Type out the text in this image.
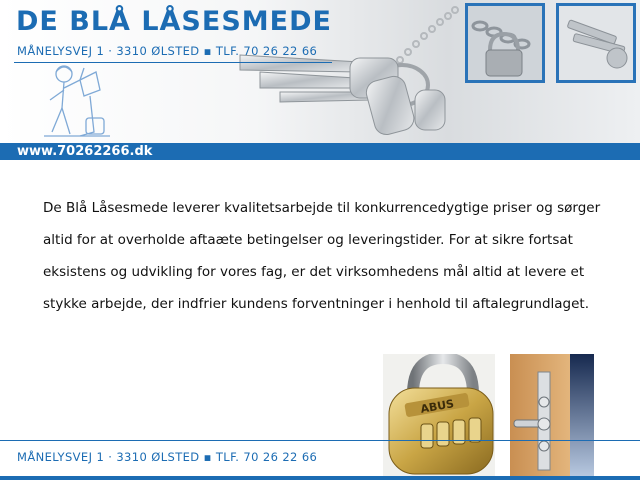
DE BLÅ LÅSESMEDE
MÅNELYSVEJ 1 · 3310 ØLSTED ▪ TLF. 70 26 22 66
www.70262266.dk
De Blå Låsesmede leverer kvalitetsarbejde til konkurrencedygtige priser og sørger altid for at overholde aftaæte betingelser og leveringstider. For at sikre fortsat eksistens og udvikling for vores fag, er det virksomhedens mål altid at levere et stykke arbejde, der indfrier kundens forventninger i henhold til aftalegrundlaget.
ABUS
MÅNELYSVEJ 1 · 3310 ØLSTED ▪ TLF. 70 26 22 66
